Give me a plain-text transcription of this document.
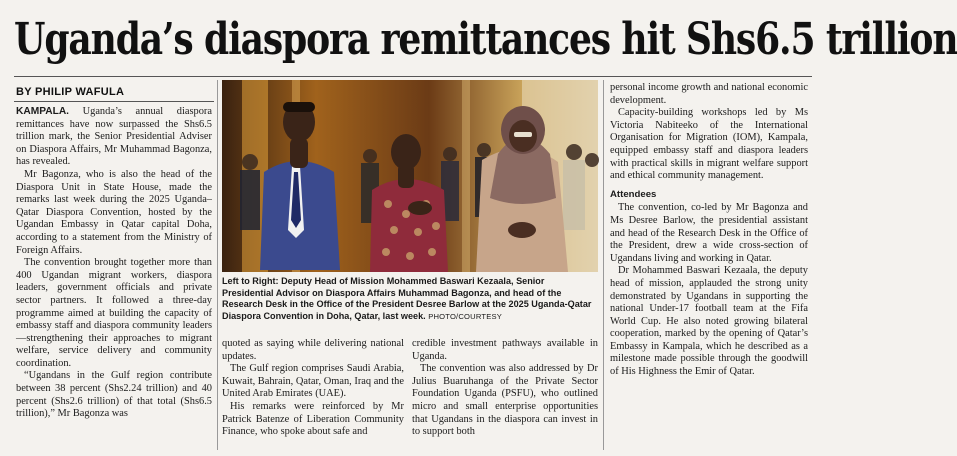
Uganda’s diaspora remittances hit Shs6.5 trillion
BY PHILIP WAFULA

KAMPALA. Uganda’s annual diaspora remittances have now surpassed the Shs6.5 trillion mark, the Senior Presidential Adviser on Diaspora Affairs, Mr Muhammad Bagonza, has revealed.

Mr Bagonza, who is also the head of the Diaspora Unit in State House, made the remarks last week during the 2025 Uganda–Qatar Diaspora Convention, hosted by the Ugandan Embassy in Qatar capital Doha, according to a statement from the Ministry of Foreign Affairs.

The convention brought together more than 400 Ugandan migrant workers, diaspora leaders, government officials and private sector partners. It followed a three-day programme aimed at building the capacity of embassy staff and diaspora community leaders—strengthening their approaches to migrant welfare, service delivery and community coordination.

“Ugandans in the Gulf region contribute between 38 percent (Shs2.24 trillion) and 40 percent (Shs2.6 trillion) of that total (Shs6.5 trillion),” Mr Bagonza was

Left to Right: Deputy Head of Mission Mohammed Baswari Kezaala, Senior Presidential Advisor on Diaspora Affairs Muhammad Bagonza, and head of the Research Desk in the Office of the President Desree Barlow at the 2025 Uganda-Qatar Diaspora Convention in Doha, Qatar, last week. PHOTO/COURTESY

quoted as saying while delivering national updates.

The Gulf region comprises Saudi Arabia, Kuwait, Bahrain, Qatar, Oman, Iraq and the United Arab Emirates (UAE).

His remarks were reinforced by Mr Patrick Batenze of Liberation Community Finance, who spoke about safe and

credible investment pathways available in Uganda.

The convention was also addressed by Dr Julius Buaruhanga of the Private Sector Foundation Uganda (PSFU), who outlined micro and small enterprise opportunities that Ugandans in the diaspora can invest in to support both

personal income growth and national economic development.

Capacity-building workshops led by Ms Victoria Nabiteeko of the International Organisation for Migration (IOM), Kampala, equipped embassy staff and diaspora leaders with practical skills in migrant welfare support and ethical community management.

Attendees

The convention, co-led by Mr Bagonza and Ms Desree Barlow, the presidential assistant and head of the Research Desk in the Office of the President, drew a wide cross-section of Ugandans living and working in Qatar.

Dr Mohammed Baswari Kezaala, the deputy head of mission, applauded the strong unity demonstrated by Ugandans in supporting the national Under-17 football team at the Fifa World Cup. He also noted growing bilateral cooperation, marked by the opening of Qatar’s Embassy in Kampala, which he described as a milestone made possible through the goodwill of His Highness the Emir of Qatar.
